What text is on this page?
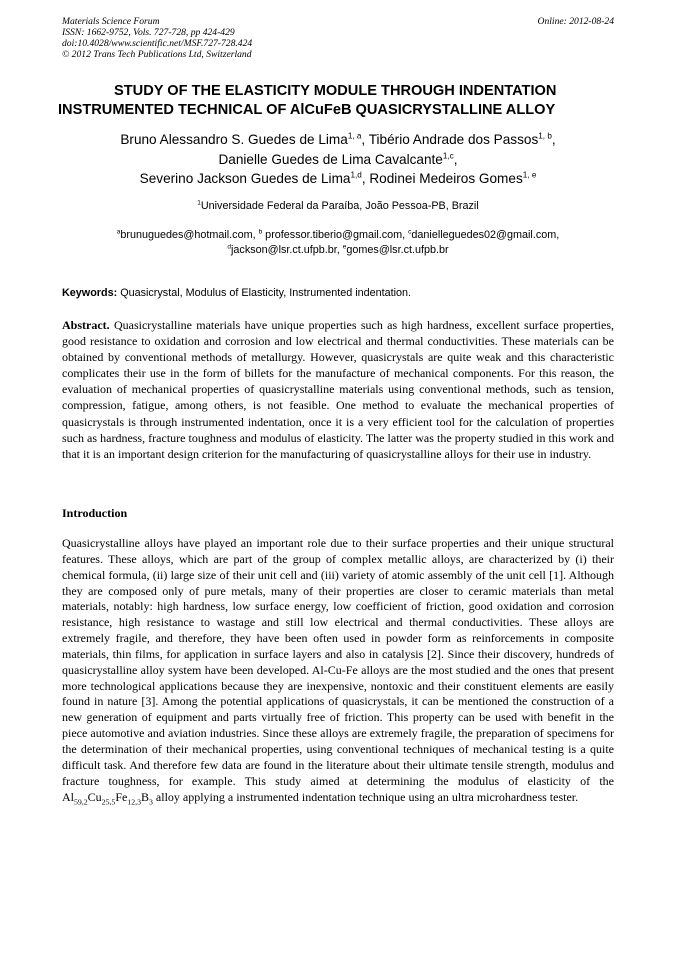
Materials Science Forum
ISSN: 1662-9752, Vols. 727-728, pp 424-429
doi:10.4028/www.scientific.net/MSF.727-728.424
© 2012 Trans Tech Publications Ltd, Switzerland
Online: 2012-08-24
STUDY OF THE ELASTICITY MODULE THROUGH INDENTATION
INSTRUMENTED TECHNICAL OF AlCuFeB QUASICRYSTALLINE ALLOY
Bruno Alessandro S. Guedes de Lima$^{1, a}$, Tibério Andrade dos Passos$^{1, b}$,
Danielle Guedes de Lima Cavalcante$^{1,c}$,
Severino Jackson Guedes de Lima$^{1,d}$, Rodinei Medeiros Gomes$^{1, e}$
$^1$Universidade Federal da Paraíba, João Pessoa-PB, Brazil
$^a$brunuguedes@hotmail.com, $^b$ professor.tiberio@gmail.com, $^c$danielleguedes02@gmail.com,
$^d$jackson@lsr.ct.ufpb.br, $^e$gomes@lsr.ct.ufpb.br
Keywords: Quasicrystal, Modulus of Elasticity, Instrumented indentation.
Abstract. Quasicrystalline materials have unique properties such as high hardness, excellent surface properties, good resistance to oxidation and corrosion and low electrical and thermal conductivities. These materials can be obtained by conventional methods of metallurgy. However, quasicrystals are quite weak and this characteristic complicates their use in the form of billets for the manufacture of mechanical components. For this reason, the evaluation of mechanical properties of quasicrystalline materials using conventional methods, such as tension, compression, fatigue, among others, is not feasible. One method to evaluate the mechanical properties of quasicrystals is through instrumented indentation, once it is a very efficient tool for the calculation of properties such as hardness, fracture toughness and modulus of elasticity. The latter was the property studied in this work and that it is an important design criterion for the manufacturing of quasicrystalline alloys for their use in industry.
Introduction
Quasicrystalline alloys have played an important role due to their surface properties and their unique structural features. These alloys, which are part of the group of complex metallic alloys, are characterized by (i) their chemical formula, (ii) large size of their unit cell and (iii) variety of atomic assembly of the unit cell [1]. Although they are composed only of pure metals, many of their properties are closer to ceramic materials than metal materials, notably: high hardness, low surface energy, low coefficient of friction, good oxidation and corrosion resistance, high resistance to wastage and still low electrical and thermal conductivities. These alloys are extremely fragile, and therefore, they have been often used in powder form as reinforcements in composite materials, thin films, for application in surface layers and also in catalysis [2]. Since their discovery, hundreds of quasicrystalline alloy system have been developed. Al-Cu-Fe alloys are the most studied and the ones that present more technological applications because they are inexpensive, nontoxic and their constituent elements are easily found in nature [3]. Among the potential applications of quasicrystals, it can be mentioned the construction of a new generation of equipment and parts virtually free of friction. This property can be used with benefit in the piece automotive and aviation industries. Since these alloys are extremely fragile, the preparation of specimens for the determination of their mechanical properties, using conventional techniques of mechanical testing is a quite difficult task. And therefore few data are found in the literature about their ultimate tensile strength, modulus and fracture toughness, for example. This study aimed at determining the modulus of elasticity of the $Al_{59,2}Cu_{25,5}Fe_{12,3}B_3$ alloy applying a instrumented indentation technique using an ultra microhardness tester.
